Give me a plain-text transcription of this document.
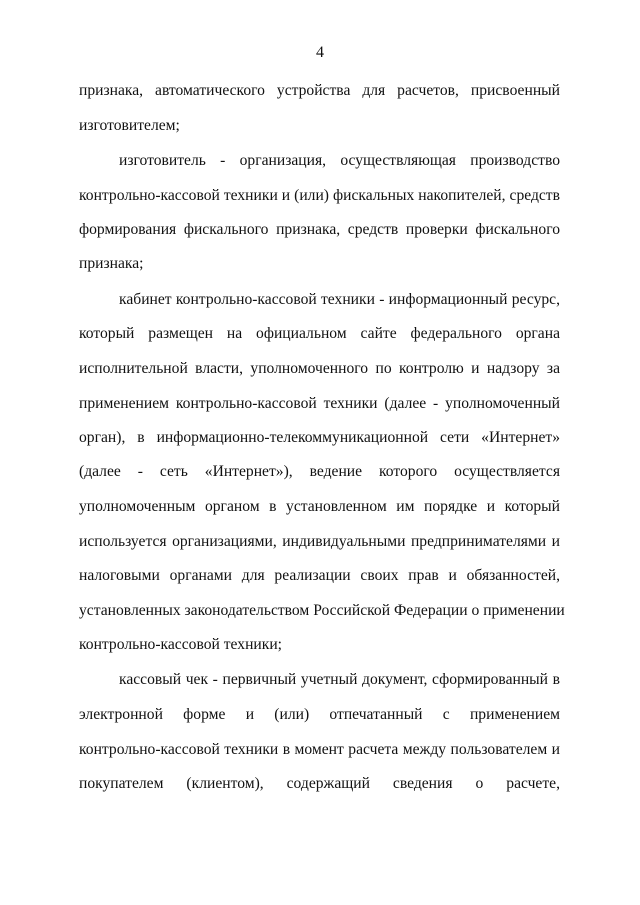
4
признака, автоматического устройства для расчетов, присвоенный
изготовителем;
изготовитель - организация, осуществляющая производство
контрольно-кассовой техники и (или) фискальных накопителей, средств
формирования фискального признака, средств проверки фискального
признака;
кабинет контрольно-кассовой техники - информационный ресурс,
который размещен на официальном сайте федерального органа
исполнительной власти, уполномоченного по контролю и надзору за
применением контрольно-кассовой техники (далее - уполномоченный
орган), в информационно-телекоммуникационной сети «Интернет»
(далее - сеть «Интернет»), ведение которого осуществляется
уполномоченным органом в установленном им порядке и который
используется организациями, индивидуальными предпринимателями и
налоговыми органами для реализации своих прав и обязанностей,
установленных законодательством Российской Федерации о применении
контрольно-кассовой техники;
кассовый чек - первичный учетный документ, сформированный в
электронной форме и (или) отпечатанный с применением
контрольно-кассовой техники в момент расчета между пользователем и
покупателем (клиентом), содержащий сведения о расчете,
